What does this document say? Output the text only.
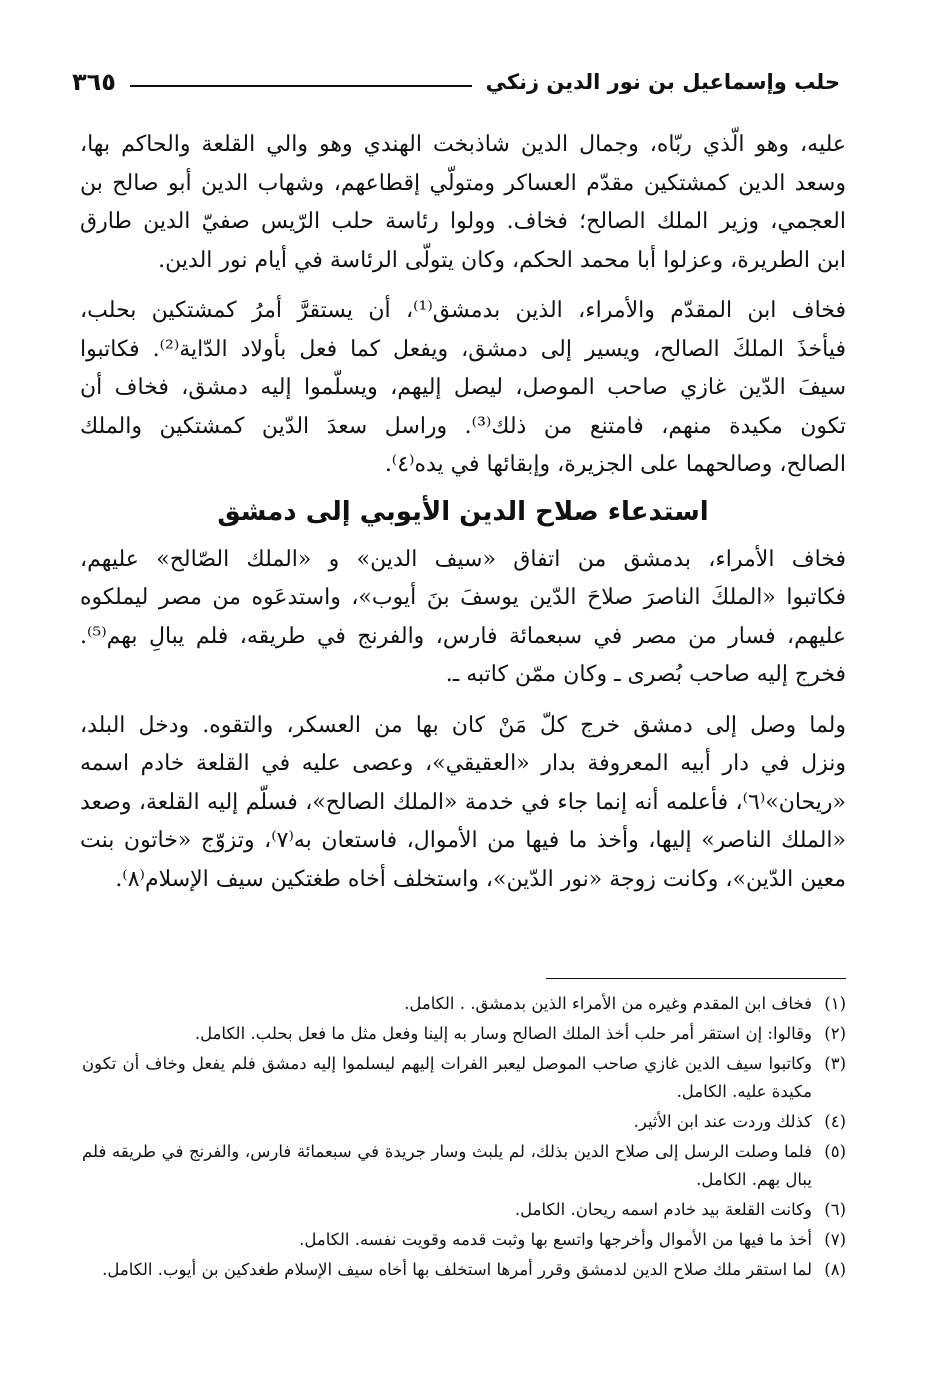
حلب وإسماعيل بن نور الدين زنكي
٣٦٥
عليه، وهو الّذي ربّاه، وجمال الدين شاذبخت الهندي وهو والي القلعة والحاكم بها،
وسعد الدين كمشتكين مقدّم العساكر ومتولّي إقطاعهم، وشهاب الدين أبو صالح بن
العجمي، وزير الملك الصالح؛ فخاف. وولوا رئاسة حلب الرّيس صفيّ الدين طارق
ابن الطريرة، وعزلوا أبا محمد الحكم، وكان يتولّى الرئاسة في أيام نور الدين.
فخاف ابن المقدّم والأمراء، الذين بدمشق⁽¹⁾، أن يستقرَّ أمرُ كمشتكين بحلب،
فيأخذَ الملكَ الصالح، ويسير إلى دمشق، ويفعل كما فعل بأولاد الدّاية⁽²⁾. فكاتبوا
سيفَ الدّين غازي صاحب الموصل، ليصل إليهم، ويسلّموا إليه دمشق، فخاف أن
تكون مكيدة منهم، فامتنع من ذلك⁽³⁾. وراسل سعدَ الدّين كمشتكين والملك
الصالح، وصالحهما على الجزيرة، وإبقائها في يده⁽٤⁾.
استدعاء صلاح الدين الأيوبي إلى دمشق
فخاف الأمراء، بدمشق من اتفاق «سيف الدين» و «الملك الصّالح» عليهم،
فكاتبوا «الملكَ الناصرَ صلاحَ الدّين يوسفَ بنَ أيوب»، واستدعَوه من مصر ليملكوه
عليهم، فسار من مصر في سبعمائة فارس، والفرنج في طريقه، فلم يبالِ بهم⁽⁵⁾.
فخرج إليه صاحب بُصرى ـ وكان ممّن كاتبه ـ.
ولما وصل إلى دمشق خرج كلّ مَنْ كان بها من العسكر، والتقوه. ودخل البلد،
ونزل في دار أبيه المعروفة بدار «العقيقي»، وعصى عليه في القلعة خادم اسمه
«ريحان»⁽٦⁾، فأعلمه أنه إنما جاء في خدمة «الملك الصالح»، فسلّم إليه القلعة، وصعد
«الملك الناصر» إليها، وأخذ ما فيها من الأموال، فاستعان به⁽٧⁾، وتزوّج «خاتون بنت
معين الدّين»، وكانت زوجة «نور الدّين»، واستخلف أخاه طغتكين سيف الإسلام⁽٨⁾.
(١)
فخاف ابن المقدم وغيره من الأمراء الذين بدمشق. . الكامل.
(٢)
وقالوا: إن استقر أمر حلب أخذ الملك الصالح وسار به إلينا وفعل مثل ما فعل بحلب. الكامل.
(٣)
وكاتبوا سيف الدين غازي صاحب الموصل ليعبر الفرات إليهم ليسلموا إليه دمشق فلم يفعل وخاف أن تكون مكيدة عليه. الكامل.
(٤)
كذلك وردت عند ابن الأثير.
(٥)
فلما وصلت الرسل إلى صلاح الدين بذلك، لم يلبث وسار جريدة في سبعمائة فارس، والفرنج في طريقه فلم يبال بهم. الكامل.
(٦)
وكانت القلعة بيد خادم اسمه ريحان. الكامل.
(٧)
أخذ ما فيها من الأموال وأخرجها واتسع بها وثبت قدمه وقويت نفسه. الكامل.
(٨)
لما استقر ملك صلاح الدين لدمشق وقرر أمرها استخلف بها أخاه سيف الإسلام طغدكين بن أيوب. الكامل.
